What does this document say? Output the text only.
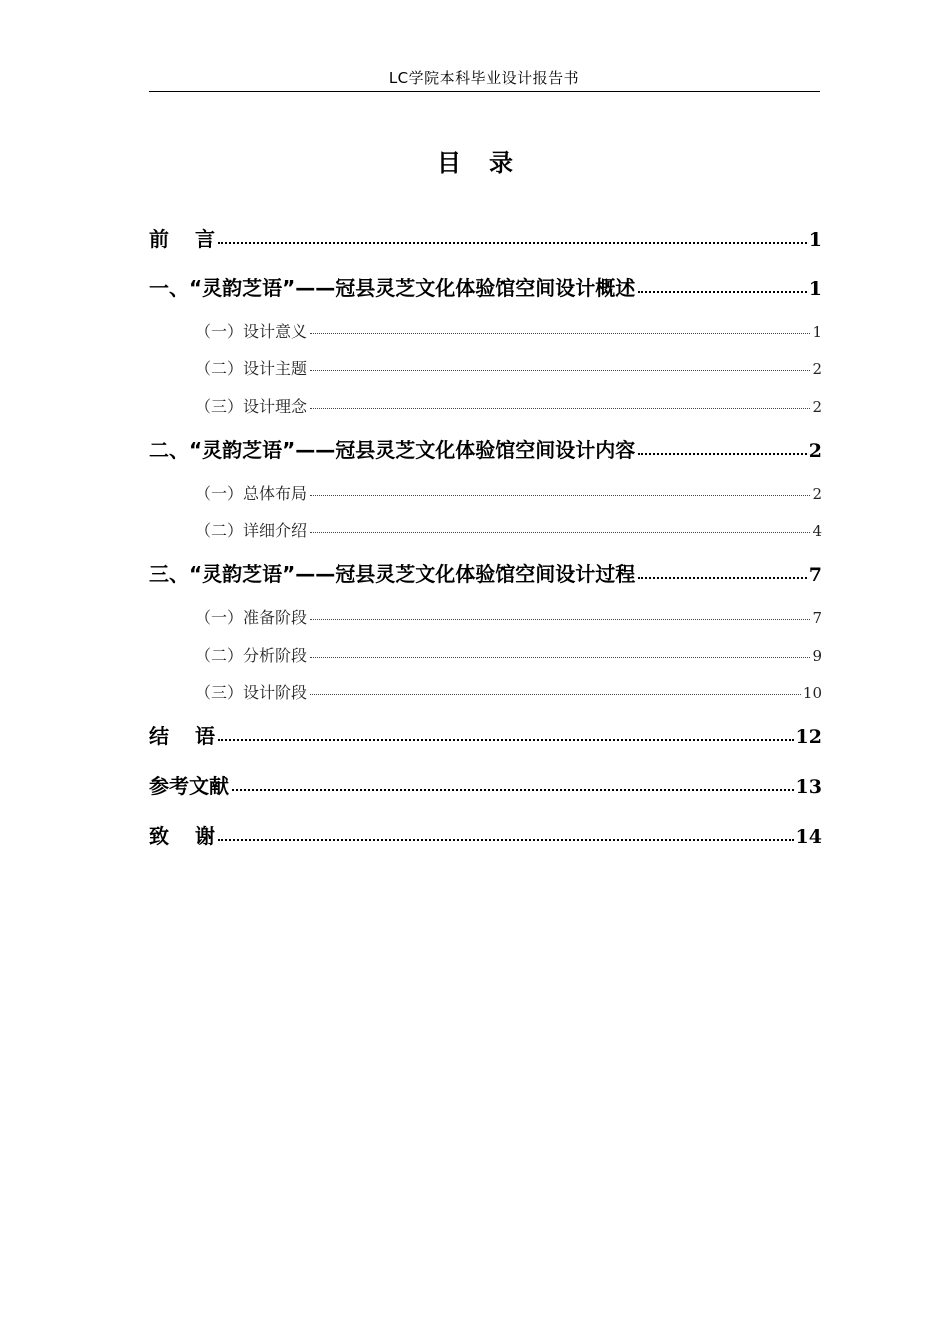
LC学院本科毕业设计报告书
目 录
前 言	1
一、“灵韵芝语”——冠县灵芝文化体验馆空间设计概述	1
（一）设计意义	1
（二）设计主题	2
（三）设计理念	2
二、“灵韵芝语”——冠县灵芝文化体验馆空间设计内容	2
（一）总体布局	2
（二）详细介绍	4
三、“灵韵芝语”——冠县灵芝文化体验馆空间设计过程	7
（一）准备阶段	7
（二）分析阶段	9
（三）设计阶段	10
结 语	12
参考文献	13
致 谢	14
